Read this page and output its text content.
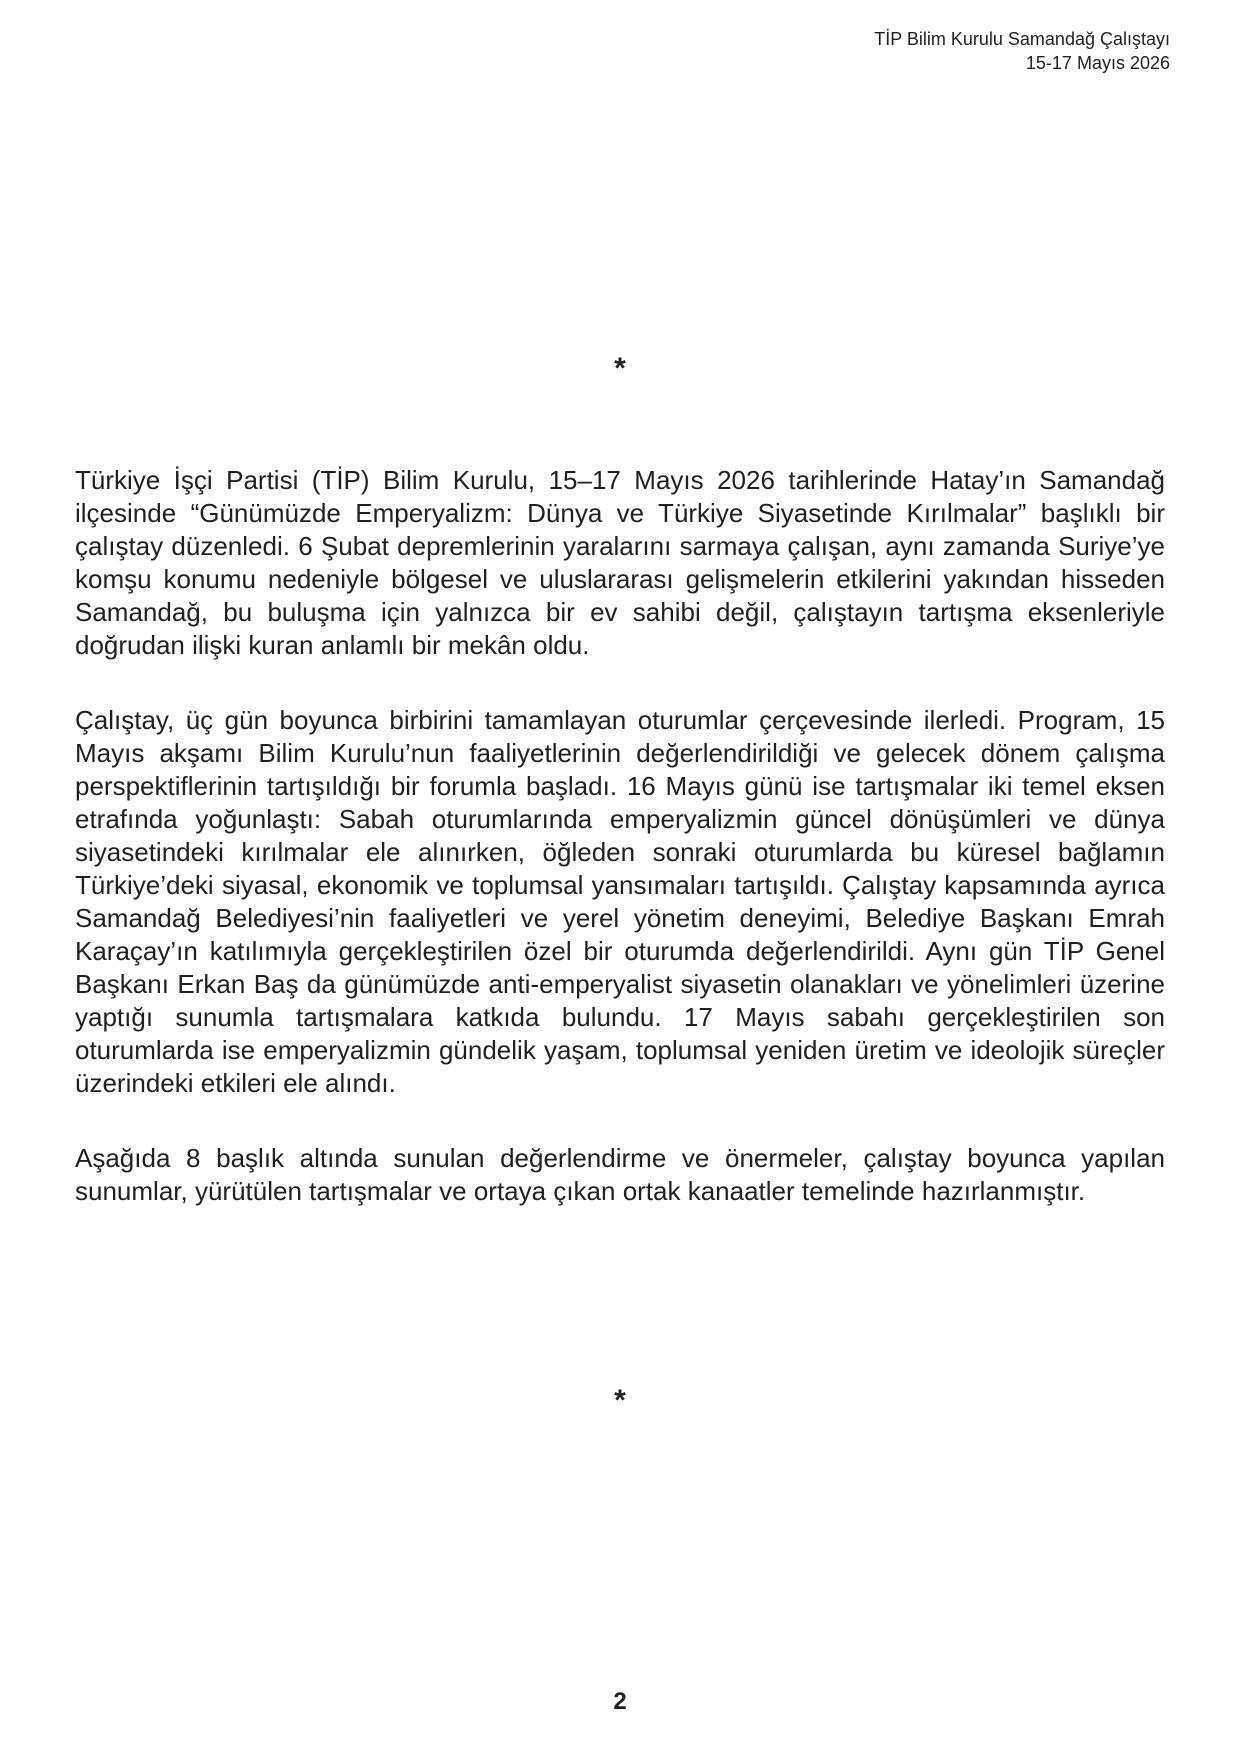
TİP Bilim Kurulu Samandağ Çalıştayı
15-17 Mayıs 2026
*

Türkiye İşçi Partisi (TİP) Bilim Kurulu, 15–17 Mayıs 2026 tarihlerinde Hatay’ın Samandağ ilçesinde “Günümüzde Emperyalizm: Dünya ve Türkiye Siyasetinde Kırılmalar” başlıklı bir çalıştay düzenledi. 6 Şubat depremlerinin yaralarını sarmaya çalışan, aynı zamanda Suriye’ye komşu konumu nedeniyle bölgesel ve uluslararası gelişmelerin etkilerini yakından hisseden Samandağ, bu buluşma için yalnızca bir ev sahibi değil, çalıştayın tartışma eksenleriyle doğrudan ilişki kuran anlamlı bir mekân oldu.

Çalıştay, üç gün boyunca birbirini tamamlayan oturumlar çerçevesinde ilerledi. Program, 15 Mayıs akşamı Bilim Kurulu’nun faaliyetlerinin değerlendirildiği ve gelecek dönem çalışma perspektiflerinin tartışıldığı bir forumla başladı. 16 Mayıs günü ise tartışmalar iki temel eksen etrafında yoğunlaştı: Sabah oturumlarında emperyalizmin güncel dönüşümleri ve dünya siyasetindeki kırılmalar ele alınırken, öğleden sonraki oturumlarda bu küresel bağlamın Türkiye’deki siyasal, ekonomik ve toplumsal yansımaları tartışıldı. Çalıştay kapsamında ayrıca Samandağ Belediyesi’nin faaliyetleri ve yerel yönetim deneyimi, Belediye Başkanı Emrah Karaçay’ın katılımıyla gerçekleştirilen özel bir oturumda değerlendirildi. Aynı gün TİP Genel Başkanı Erkan Baş da günümüzde anti-emperyalist siyasetin olanakları ve yönelimleri üzerine yaptığı sunumla tartışmalara katkıda bulundu. 17 Mayıs sabahı gerçekleştirilen son oturumlarda ise emperyalizmin gündelik yaşam, toplumsal yeniden üretim ve ideolojik süreçler üzerindeki etkileri ele alındı.

Aşağıda 8 başlık altında sunulan değerlendirme ve önermeler, çalıştay boyunca yapılan sunumlar, yürütülen tartışmalar ve ortaya çıkan ortak kanaatler temelinde hazırlanmıştır.

*
2
